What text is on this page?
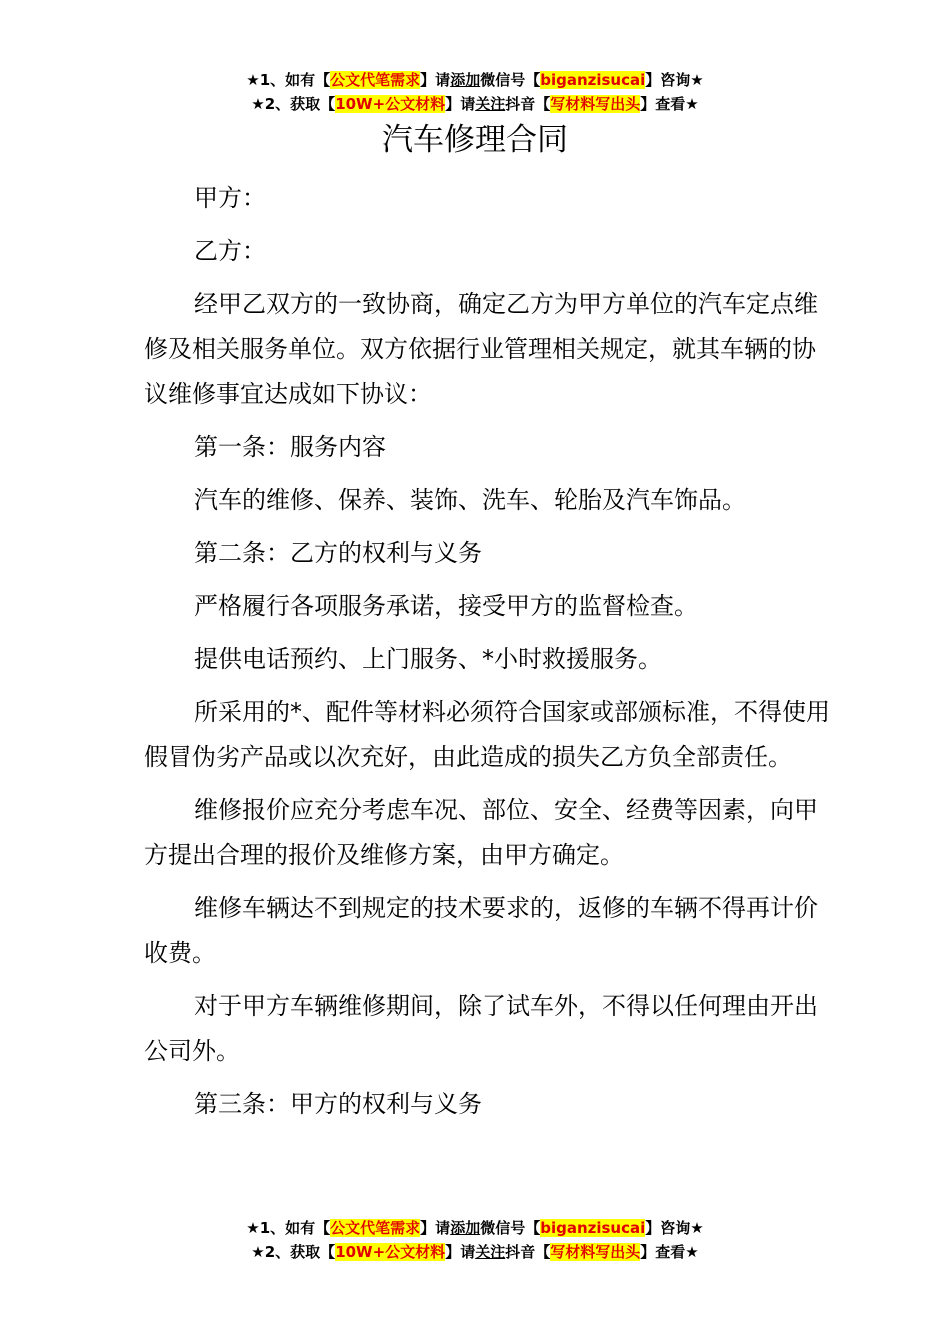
★1、如有【公文代笔需求】请添加微信号【biganzisucai】咨询★
★2、获取【10W+公文材料】请关注抖音【写材料写出头】查看★
汽车修理合同

甲方：

乙方：

经甲乙双方的一致协商，确定乙方为甲方单位的汽车定点维修及相关服务单位。双方依据行业管理相关规定，就其车辆的协议维修事宜达成如下协议：

第一条：服务内容

汽车的维修、保养、装饰、洗车、轮胎及汽车饰品。

第二条：乙方的权利与义务

严格履行各项服务承诺，接受甲方的监督检查。

提供电话预约、上门服务、*小时救援服务。

所采用的*、配件等材料必须符合国家或部颁标准，不得使用假冒伪劣产品或以次充好，由此造成的损失乙方负全部责任。

维修报价应充分考虑车况、部位、安全、经费等因素，向甲方提出合理的报价及维修方案，由甲方确定。

维修车辆达不到规定的技术要求的，返修的车辆不得再计价收费。

对于甲方车辆维修期间，除了试车外，不得以任何理由开出公司外。

第三条：甲方的权利与义务

★1、如有【公文代笔需求】请添加微信号【biganzisucai】咨询★
★2、获取【10W+公文材料】请关注抖音【写材料写出头】查看★
